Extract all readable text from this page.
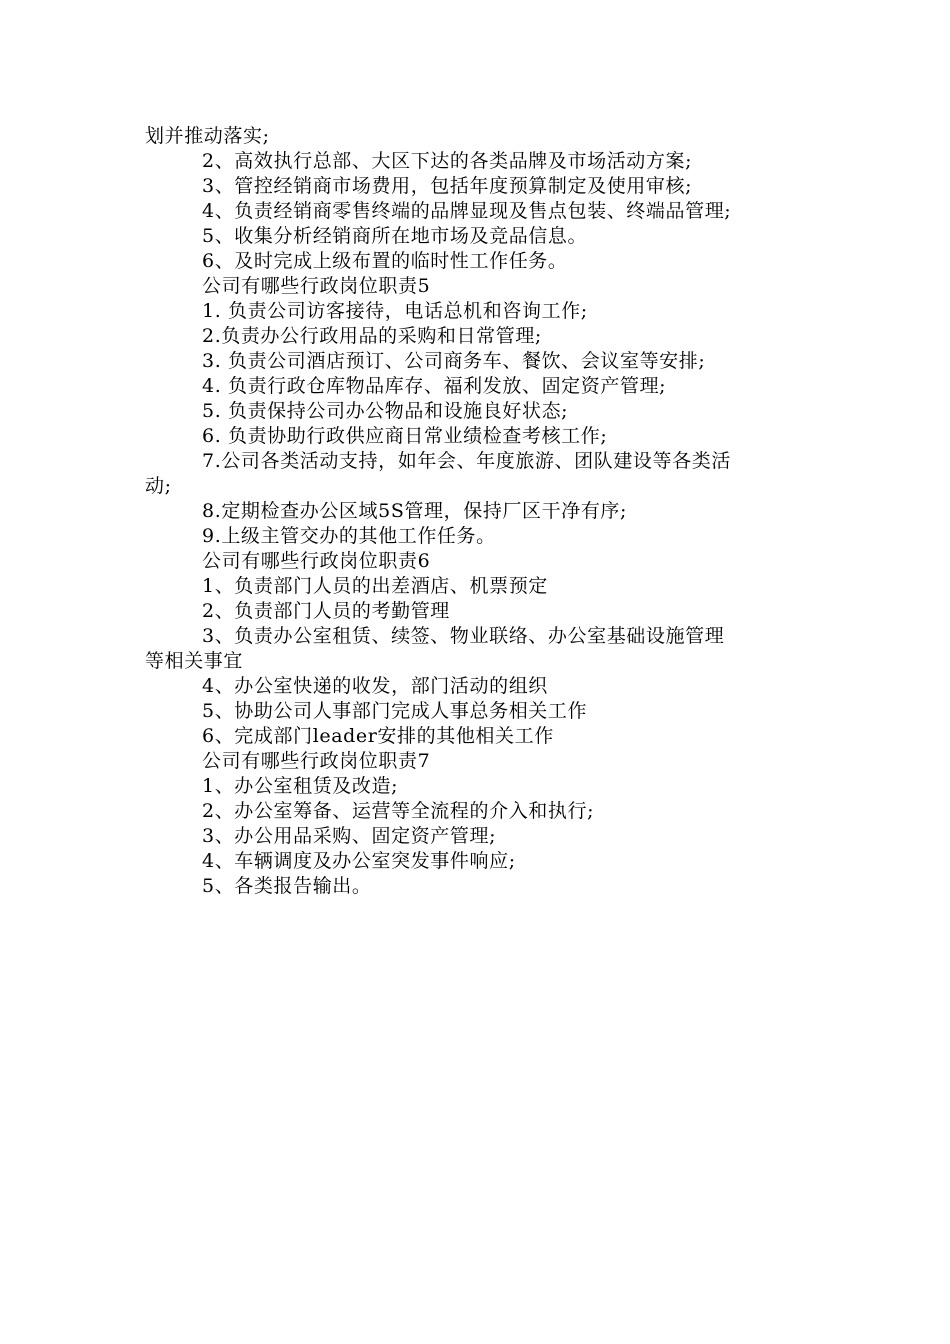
划并推动落实;

2、高效执行总部、大区下达的各类品牌及市场活动方案;

3、管控经销商市场费用，包括年度预算制定及使用审核;

4、负责经销商零售终端的品牌显现及售点包装、终端品管理;

5、收集分析经销商所在地市场及竞品信息。

6、及时完成上级布置的临时性工作任务。

公司有哪些行政岗位职责5

1. 负责公司访客接待，电话总机和咨询工作;

2.负责办公行政用品的采购和日常管理;

3. 负责公司酒店预订、公司商务车、餐饮、会议室等安排;

4. 负责行政仓库物品库存、福利发放、固定资产管理;

5. 负责保持公司办公物品和设施良好状态;

6. 负责协助行政供应商日常业绩检查考核工作;

7.公司各类活动支持，如年会、年度旅游、团队建设等各类活

动;

8.定期检查办公区域5S管理，保持厂区干净有序;

9.上级主管交办的其他工作任务。

公司有哪些行政岗位职责6

1、负责部门人员的出差酒店、机票预定

2、负责部门人员的考勤管理

3、负责办公室租赁、续签、物业联络、办公室基础设施管理

等相关事宜

4、办公室快递的收发，部门活动的组织

5、协助公司人事部门完成人事总务相关工作

6、完成部门leader安排的其他相关工作

公司有哪些行政岗位职责7

1、办公室租赁及改造;

2、办公室筹备、运营等全流程的介入和执行;

3、办公用品采购、固定资产管理;

4、车辆调度及办公室突发事件响应;

5、各类报告输出。
